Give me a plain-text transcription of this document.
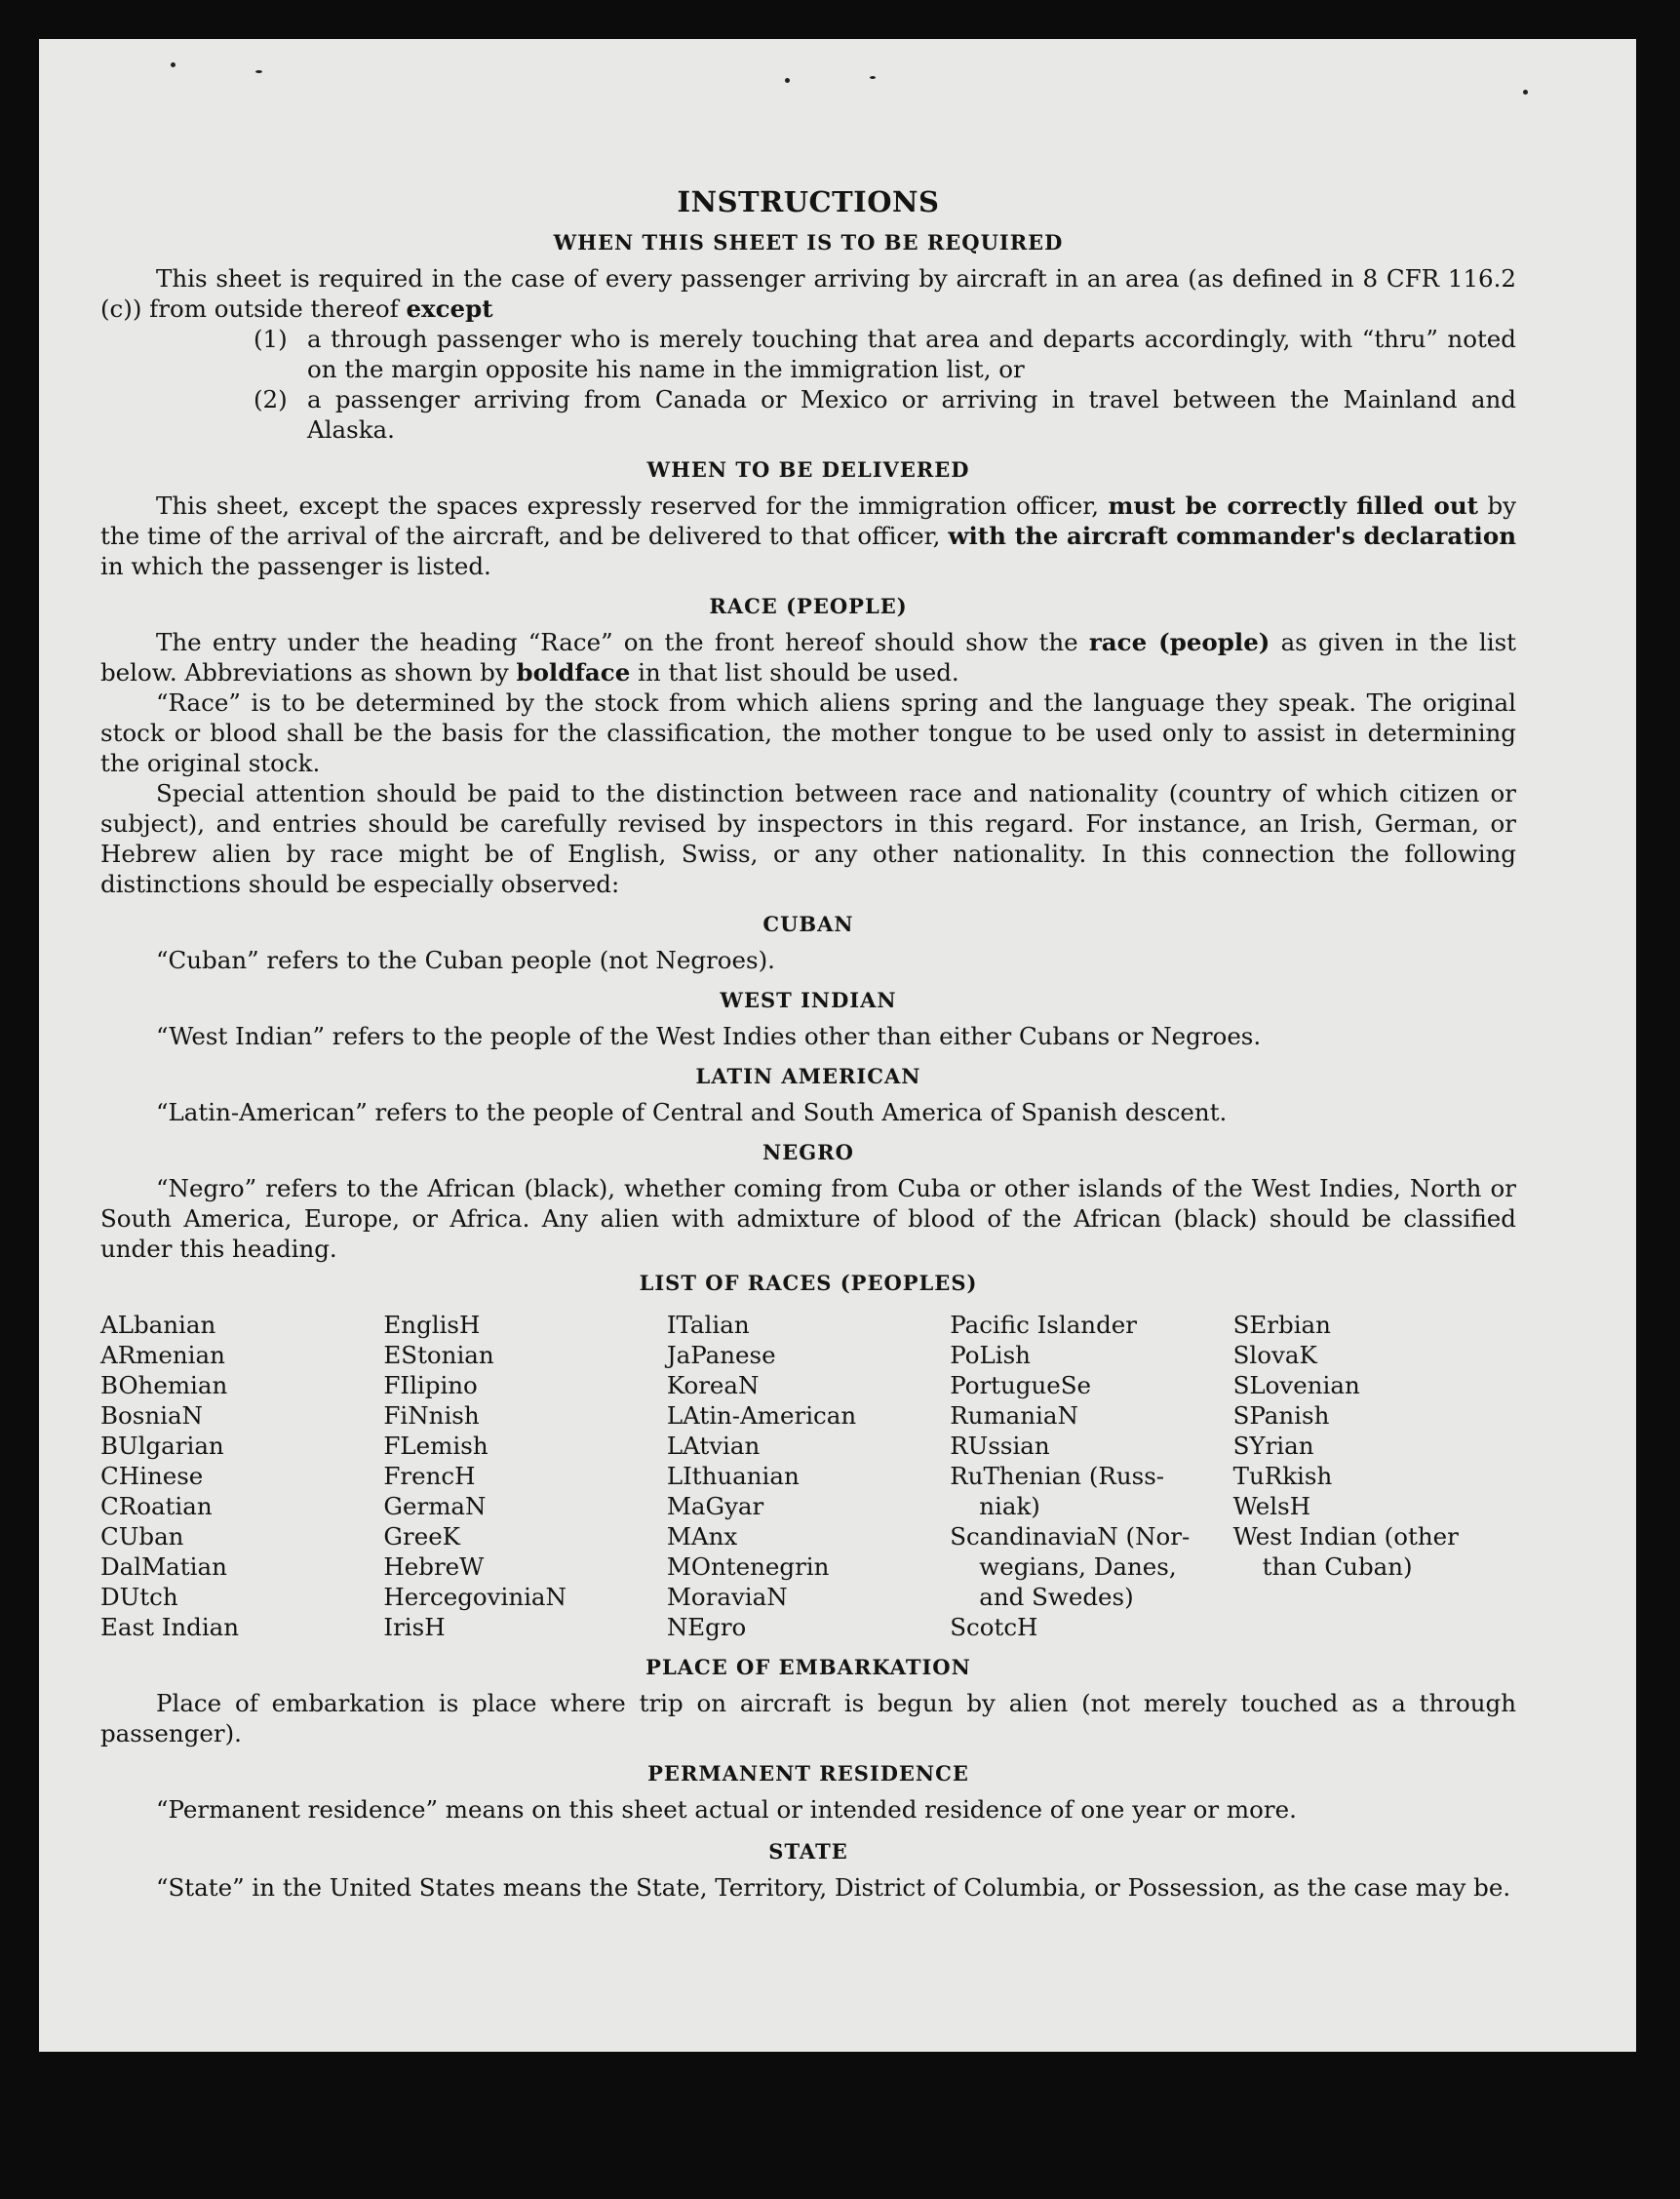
INSTRUCTIONS
WHEN THIS SHEET IS TO BE REQUIRED

This sheet is required in the case of every passenger arriving by aircraft in an area (as defined in 8 CFR 116.2 (c)) from outside thereof except

(1) a through passenger who is merely touching that area and departs accordingly, with “thru” noted on the margin opposite his name in the immigration list, or
(2) a passenger arriving from Canada or Mexico or arriving in travel between the Mainland and Alaska.
WHEN TO BE DELIVERED

This sheet, except the spaces expressly reserved for the immigration officer, must be correctly filled out by the time of the arrival of the aircraft, and be delivered to that officer, with the aircraft commander's declaration in which the passenger is listed.

RACE (PEOPLE)

The entry under the heading “Race” on the front hereof should show the race (people) as given in the list below. Abbreviations as shown by boldface in that list should be used.

“Race” is to be determined by the stock from which aliens spring and the language they speak. The original stock or blood shall be the basis for the classification, the mother tongue to be used only to assist in determining the original stock.

Special attention should be paid to the distinction between race and nationality (country of which citizen or subject), and entries should be carefully revised by inspectors in this regard. For instance, an Irish, German, or Hebrew alien by race might be of English, Swiss, or any other nationality. In this connection the following distinctions should be especially observed:

CUBAN

“Cuban” refers to the Cuban people (not Negroes).

WEST INDIAN

“West Indian” refers to the people of the West Indies other than either Cubans or Negroes.

LATIN AMERICAN

“Latin-American” refers to the people of Central and South America of Spanish descent.

NEGRO

“Negro” refers to the African (black), whether coming from Cuba or other islands of the West Indies, North or South America, Europe, or Africa. Any alien with admixture of blood of the African (black) should be classified under this heading.

LIST OF RACES (PEOPLES)
ALbanian
ARmenian
BOhemian
BosniaN
BUlgarian
CHinese
CRoatian
CUban
DalMatian
DUtch
East Indian
EnglisH
EStonian
FIlipino
FiNnish
FLemish
FrencH
GermaN
GreeK
HebreW
HercegoviniaN
IrisH
ITalian
JaPanese
KoreaN
LAtin-American
LAtvian
LIthuanian
MaGyar
MAnx
MOntenegrin
MoraviaN
NEgro
Pacific Islander
PoLish
PortugueSe
RumaniaN
RUssian
RuThenian (Russ-
niak)
ScandinaviaN (Nor-
wegians, Danes,
and Swedes)
ScotcH
SErbian
SlovaK
SLovenian
SPanish
SYrian
TuRkish
WelsH
West Indian (other
than Cuban)
PLACE OF EMBARKATION

Place of embarkation is place where trip on aircraft is begun by alien (not merely touched as a through passenger).

PERMANENT RESIDENCE

“Permanent residence” means on this sheet actual or intended residence of one year or more.

STATE

“State” in the United States means the State, Territory, District of Columbia, or Possession, as the case may be.
